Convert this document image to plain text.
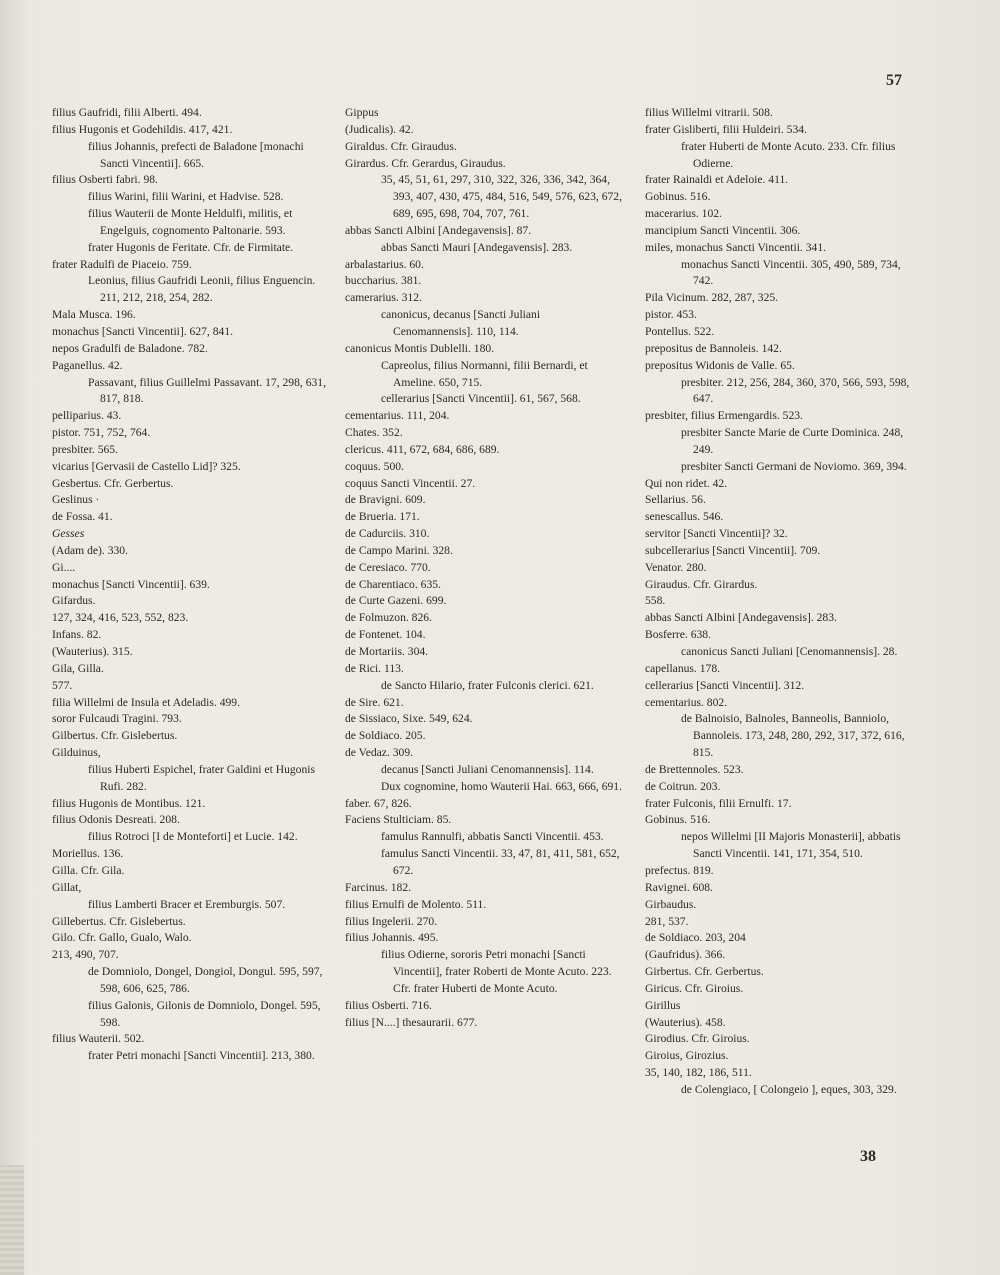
57
filius Gaufridi, filii Alberti. 494.
filius Hugonis et Godehildis. 417, 421.
filius Johannis, prefecti de Baladone [monachi Sancti Vincentii]. 665.
filius Osberti fabri. 98.
filius Warini, filii Warini, et Hadvise. 528.
filius Wauterii de Monte Heldulfi, militis, et Engelguis, cognomento Paltonarie. 593.
frater Hugonis de Feritate. Cfr. de Firmitate.
frater Radulfi de Piaceio. 759.
Leonius, filius Gaufridi Leonii, filius Enguencin. 211, 212, 218, 254, 282.
Mala Musca. 196.
monachus [Sancti Vincentii]. 627, 841.
nepos Gradulfi de Baladone. 782.
Paganellus. 42.
Passavant, filius Guillelmi Passavant. 17, 298, 631, 817, 818.
pelliparius. 43.
pistor. 751, 752, 764.
presbiter. 565.
vicarius [Gervasii de Castello Lid]? 325.
Gesbertus. Cfr. Gerbertus.
Geslinus ·
de Fossa. 41.
Gesses
(Adam de). 330.
Gi....
monachus [Sancti Vincentii]. 639.
Gifardus.
127, 324, 416, 523, 552, 823.
Infans. 82.
(Wauterius). 315.
Gila, Gilla.
577.
filia Willelmi de Insula et Adeladis. 499.
soror Fulcaudi Tragini. 793.
Gilbertus. Cfr. Gislebertus.
Gilduinus,
filius Huberti Espichel, frater Galdini et Hugonis Rufi. 282.
filius Hugonis de Montibus. 121.
filius Odonis Desreati. 208.
filius Rotroci [I de Monteforti] et Lucie. 142.
Moriellus. 136.
Gilla. Cfr. Gila.
Gillat,
filius Lamberti Bracer et Eremburgis. 507.
Gillebertus. Cfr. Gislebertus.
Gilo. Cfr. Gallo, Gualo, Walo.
213, 490, 707.
de Domniolo, Dongel, Dongiol, Dongul. 595, 597, 598, 606, 625, 786.
filius Galonis, Gilonis de Domniolo, Dongel. 595, 598.
filius Wauterii. 502.
frater Petri monachi [Sancti Vincentii]. 213, 380.
Gippus
(Judicalis). 42.
Giraldus. Cfr. Giraudus.
Girardus. Cfr. Gerardus, Giraudus.
35, 45, 51, 61, 297, 310, 322, 326, 336, 342, 364, 393, 407, 430, 475, 484, 516, 549, 576, 623, 672, 689, 695, 698, 704, 707, 761.
abbas Sancti Albini [Andegavensis]. 87.
abbas Sancti Mauri [Andegavensis]. 283.
arbalastarius. 60.
buccharius. 381.
camerarius. 312.
canonicus, decanus [Sancti Juliani Cenomannensis]. 110, 114.
canonicus Montis Dublelli. 180.
Capreolus, filius Normanni, filii Bernardi, et Ameline. 650, 715.
cellerarius [Sancti Vincentii]. 61, 567, 568.
cementarius. 111, 204.
Chates. 352.
clericus. 411, 672, 684, 686, 689.
coquus. 500.
coquus Sancti Vincentii. 27.
de Bravigni. 609.
de Brueria. 171.
de Cadurciis. 310.
de Campo Marini. 328.
de Ceresiaco. 770.
de Charentiaco. 635.
de Curte Gazeni. 699.
de Folmuzon. 826.
de Fontenet. 104.
de Mortariis. 304.
de Rici. 113.
de Sancto Hilario, frater Fulconis clerici. 621.
de Sire. 621.
de Sissiaco, Sixe. 549, 624.
de Soldiaco. 205.
de Vedaz. 309.
decanus [Sancti Juliani Cenomannensis]. 114.
Dux cognomine, homo Wauterii Hai. 663, 666, 691.
faber. 67, 826.
Faciens Stulticiam. 85.
famulus Rannulfi, abbatis Sancti Vincentii. 453.
famulus Sancti Vincentii. 33, 47, 81, 411, 581, 652, 672.
Farcinus. 182.
filius Ernulfi de Molento. 511.
filius Ingelerii. 270.
filius Johannis. 495.
filius Odierne, sororis Petri monachi [Sancti Vincentii], frater Roberti de Monte Acuto. 223. Cfr. frater Huberti de Monte Acuto.
filius Osberti. 716.
filius [N....] thesaurarii. 677.
filius Willelmi vitrarii. 508.
frater Gisliberti, filii Huldeiri. 534.
frater Huberti de Monte Acuto. 233. Cfr. filius Odierne.
frater Rainaldi et Adeloie. 411.
Gobinus. 516.
macerarius. 102.
mancipium Sancti Vincentii. 306.
miles, monachus Sancti Vincentii. 341.
monachus Sancti Vincentii. 305, 490, 589, 734, 742.
Pila Vicinum. 282, 287, 325.
pistor. 453.
Pontellus. 522.
prepositus de Bannoleis. 142.
prepositus Widonis de Valle. 65.
presbiter. 212, 256, 284, 360, 370, 566, 593, 598, 647.
presbiter, filius Ermengardis. 523.
presbiter Sancte Marie de Curte Dominica. 248, 249.
presbiter Sancti Germani de Noviomo. 369, 394.
Qui non ridet. 42.
Sellarius. 56.
senescallus. 546.
servitor [Sancti Vincentii]? 32.
subcellerarius [Sancti Vincentii]. 709.
Venator. 280.
Giraudus. Cfr. Girardus.
558.
abbas Sancti Albini [Andegavensis]. 283.
Bosferre. 638.
canonicus Sancti Juliani [Cenomannensis]. 28.
capellanus. 178.
cellerarius [Sancti Vincentii]. 312.
cementarius. 802.
de Balnoisio, Balnoles, Banneolis, Banniolo, Bannoleis. 173, 248, 280, 292, 317, 372, 616, 815.
de Brettennoles. 523.
de Coitrun. 203.
frater Fulconis, filii Ernulfi. 17.
Gobinus. 516.
nepos Willelmi [II Majoris Monasterii], abbatis Sancti Vincentii. 141, 171, 354, 510.
prefectus. 819.
Ravignei. 608.
Girbaudus.
281, 537.
de Soldiaco. 203, 204
(Gaufridus). 366.
Girbertus. Cfr. Gerbertus.
Giricus. Cfr. Giroius.
Girillus
(Wauterius). 458.
Girodius. Cfr. Giroius.
Giroius, Girozius.
35, 140, 182, 186, 511.
de Colengiaco, [ Colongeio ], eques, 303, 329.
38
